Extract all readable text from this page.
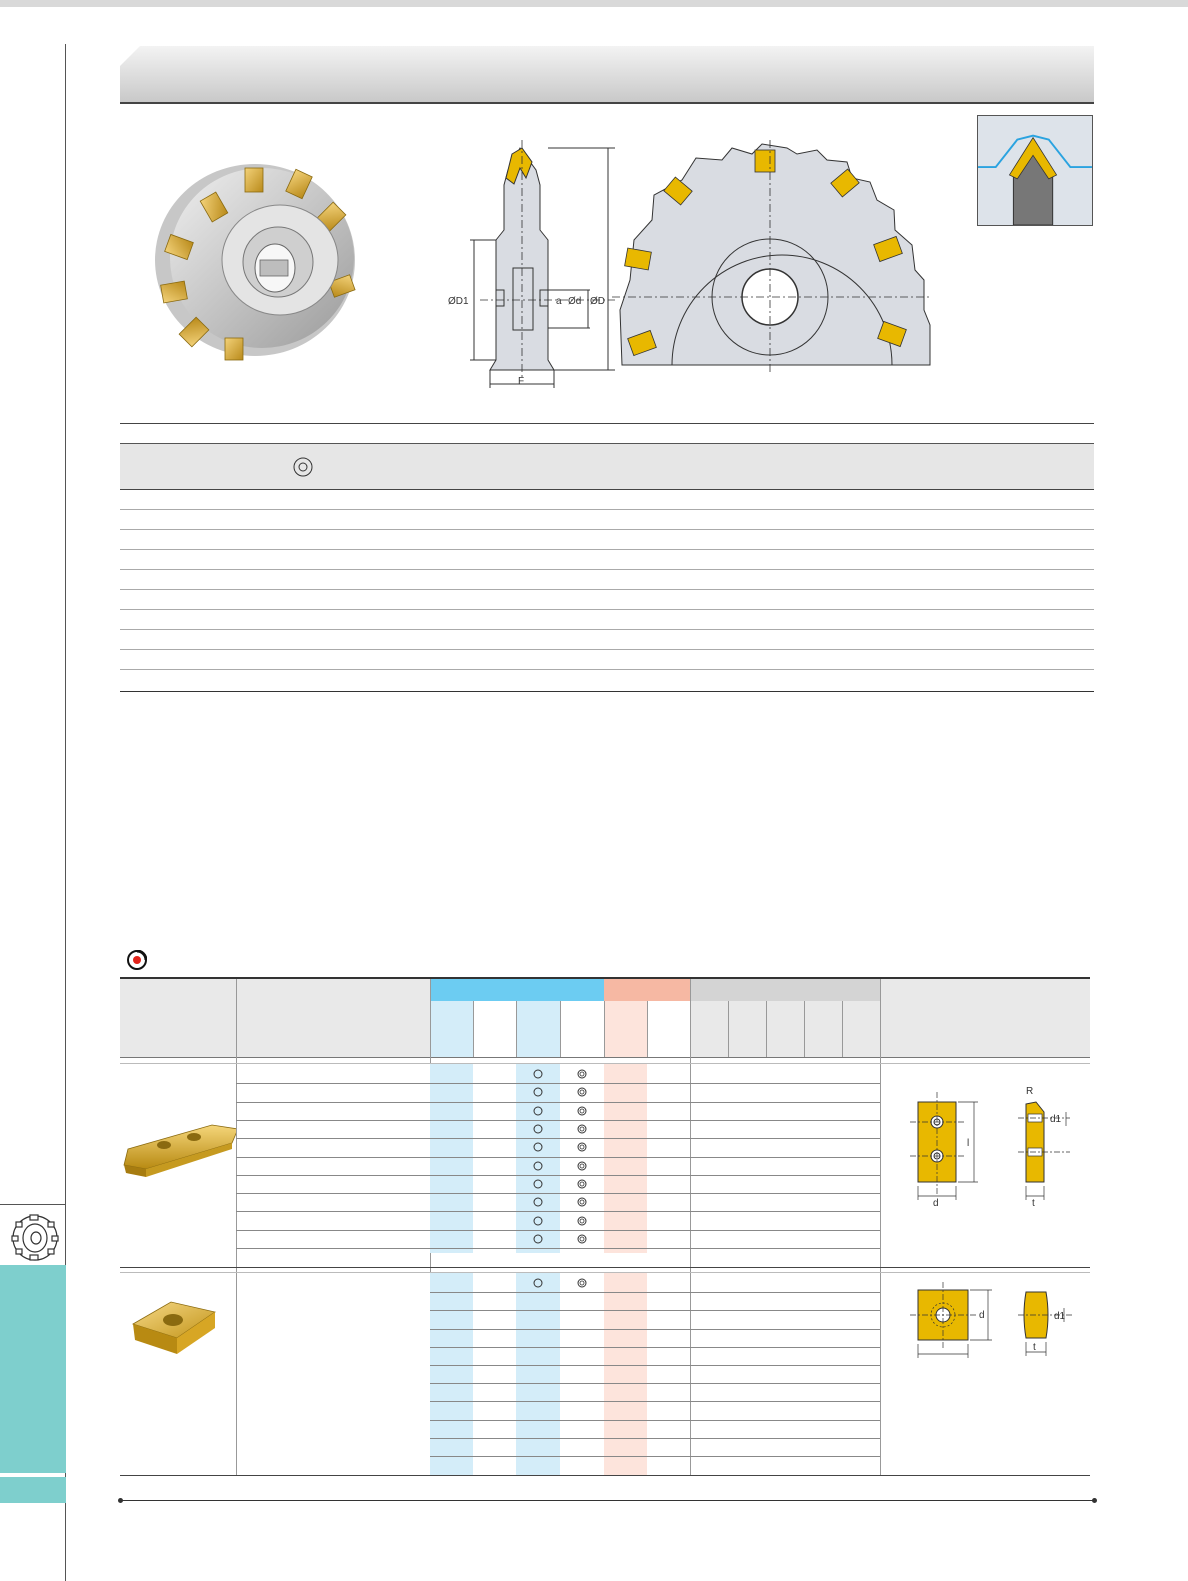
ØD1	a Ød ØD
F
l
d
R
d1
t
d	d1
t
